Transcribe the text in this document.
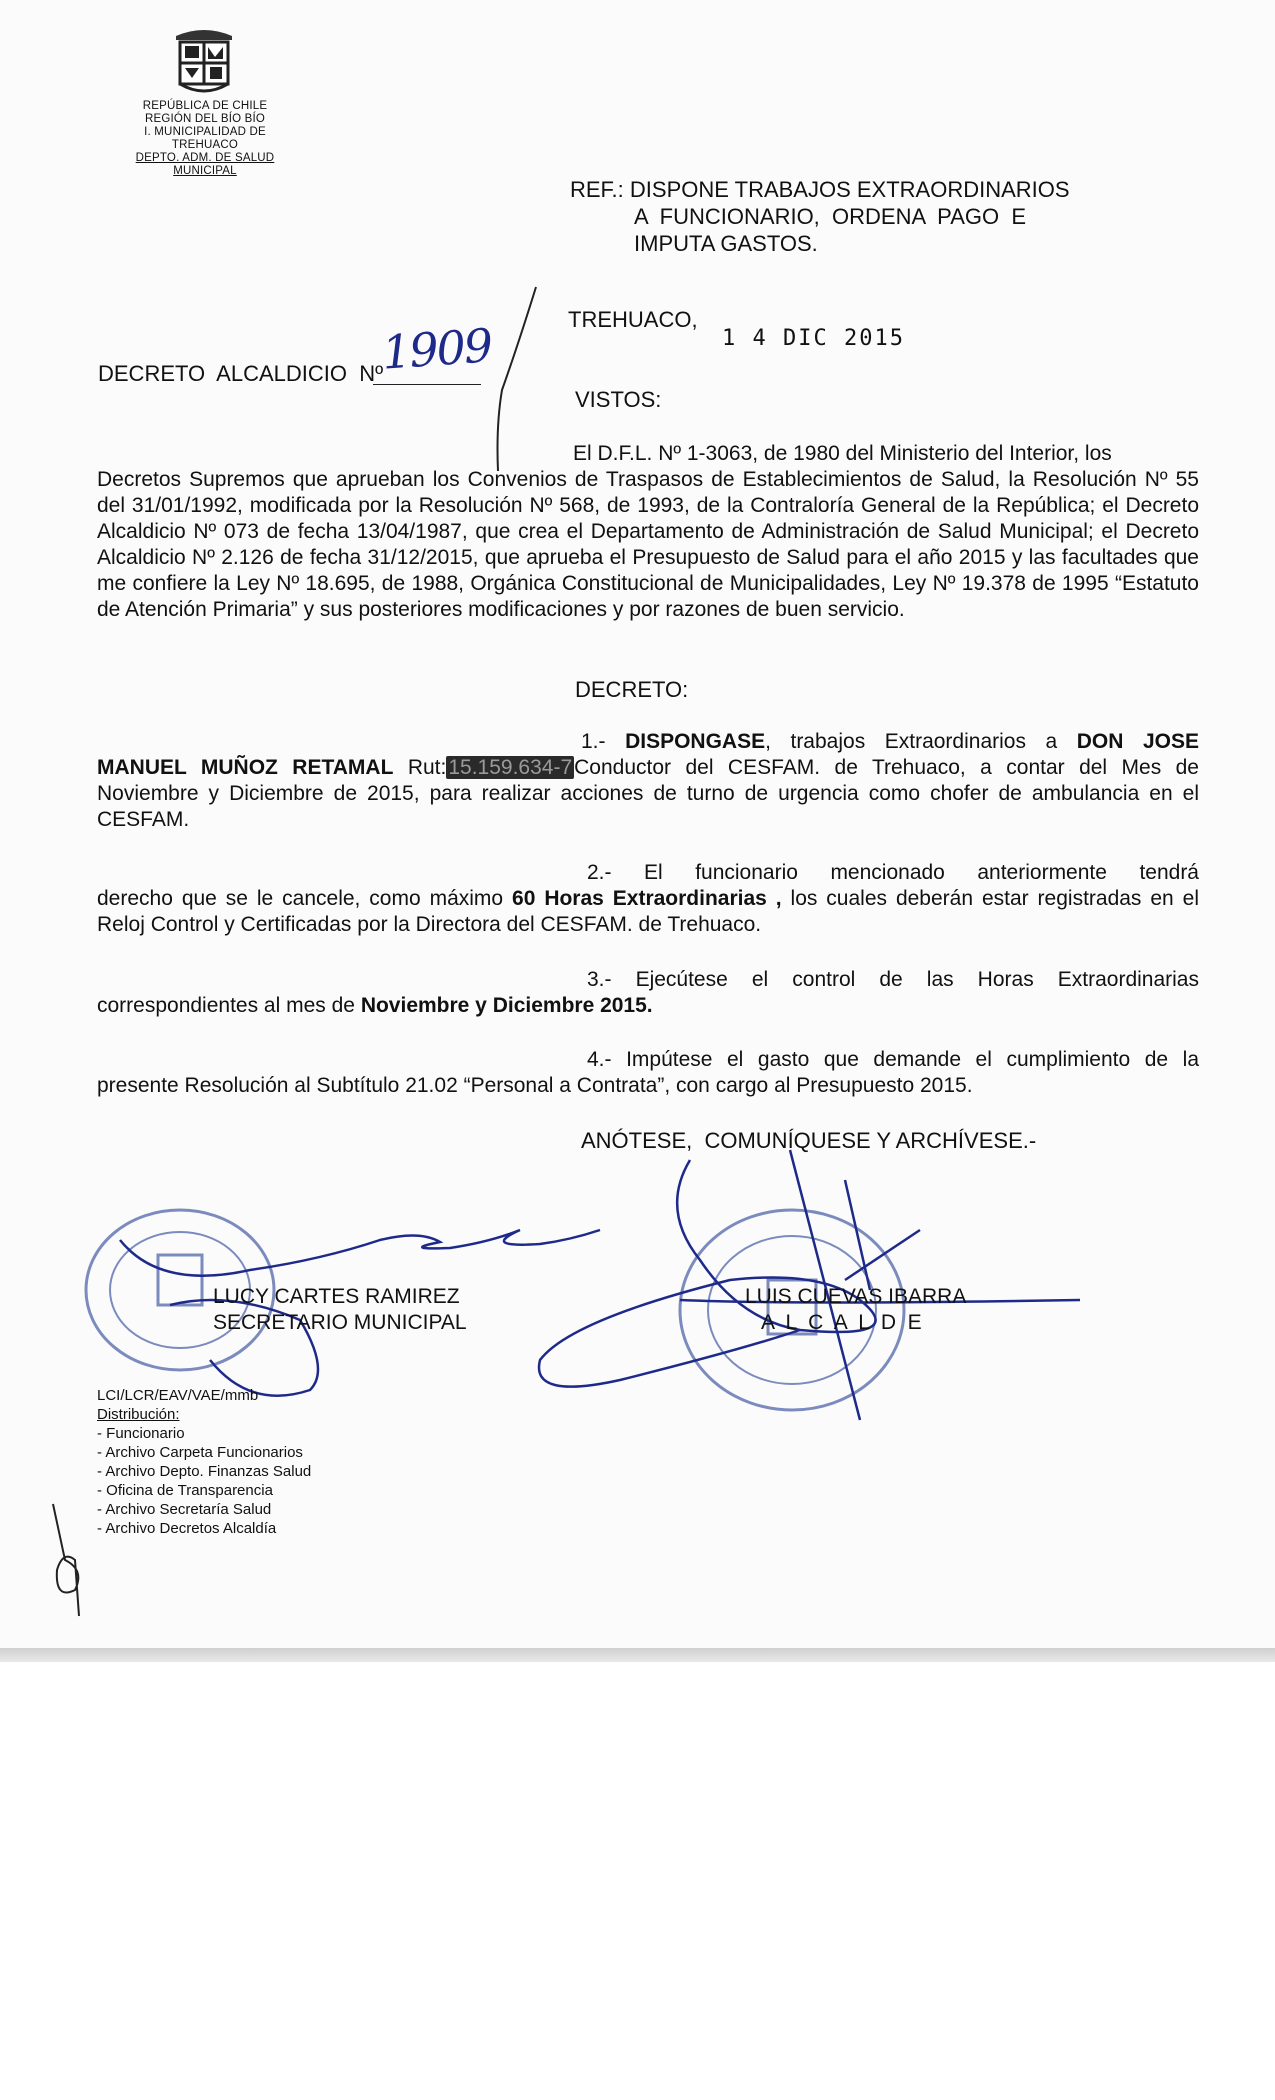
REPÚBLICA DE CHILE
REGIÓN DEL BÍO BÍO
I. MUNICIPALIDAD DE TREHUACO
DEPTO. ADM. DE SALUD MUNICIPAL
REF.: DISPONE TRABAJOS EXTRAORDINARIOS
A  FUNCIONARIO,  ORDENA  PAGO  E
IMPUTA GASTOS.
TREHUACO,
1 4 DIC 2015
DECRETO  ALCALDICIO  Nº
1909
VISTOS:
El D.F.L. Nº 1-3063, de 1980 del Ministerio del Interior, los
Decretos Supremos que aprueban los Convenios de Traspasos de Establecimientos de Salud, la Resolución Nº 55 del 31/01/1992, modificada por la Resolución Nº 568, de 1993, de la Contraloría General de la República; el Decreto Alcaldicio Nº 073 de fecha 13/04/1987, que crea el Departamento de Administración de Salud Municipal; el Decreto Alcaldicio Nº 2.126 de fecha 31/12/2015, que aprueba el Presupuesto de Salud para el año 2015 y las facultades que me confiere la Ley Nº 18.695, de 1988, Orgánica Constitucional de Municipalidades, Ley Nº 19.378 de 1995 “Estatuto de Atención Primaria” y sus posteriores modificaciones y por razones de buen servicio.
DECRETO:
1.- DISPONGASE, trabajos Extraordinarios a DON JOSE
MANUEL MUÑOZ RETAMAL Rut:15.159.634-7Conductor del CESFAM. de Trehuaco, a contar del Mes de Noviembre y Diciembre de 2015, para realizar acciones de turno de urgencia como chofer de ambulancia en el CESFAM.
2.- El funcionario mencionado anteriormente tendrá
derecho que se le cancele, como máximo 60 Horas Extraordinarias , los cuales deberán estar registradas en el Reloj Control y Certificadas por la Directora del CESFAM. de Trehuaco.
3.- Ejecútese el control de las Horas Extraordinarias
correspondientes al mes de Noviembre y Diciembre 2015.
4.- Impútese el gasto que demande el cumplimiento de la
presente Resolución al Subtítulo 21.02 “Personal a Contrata”, con cargo al Presupuesto 2015.
ANÓTESE,  COMUNÍQUESE Y ARCHÍVESE.-
LUCY CARTES RAMIREZ
SECRETARIO MUNICIPAL
LUIS CUEVAS IBARRA
A  L  C  A  L  D  E
LCI/LCR/EAV/VAE/mmb
Distribución:
- Funcionario
- Archivo Carpeta Funcionarios
- Archivo Depto. Finanzas Salud
- Oficina de Transparencia
- Archivo Secretaría Salud
- Archivo Decretos Alcaldía
